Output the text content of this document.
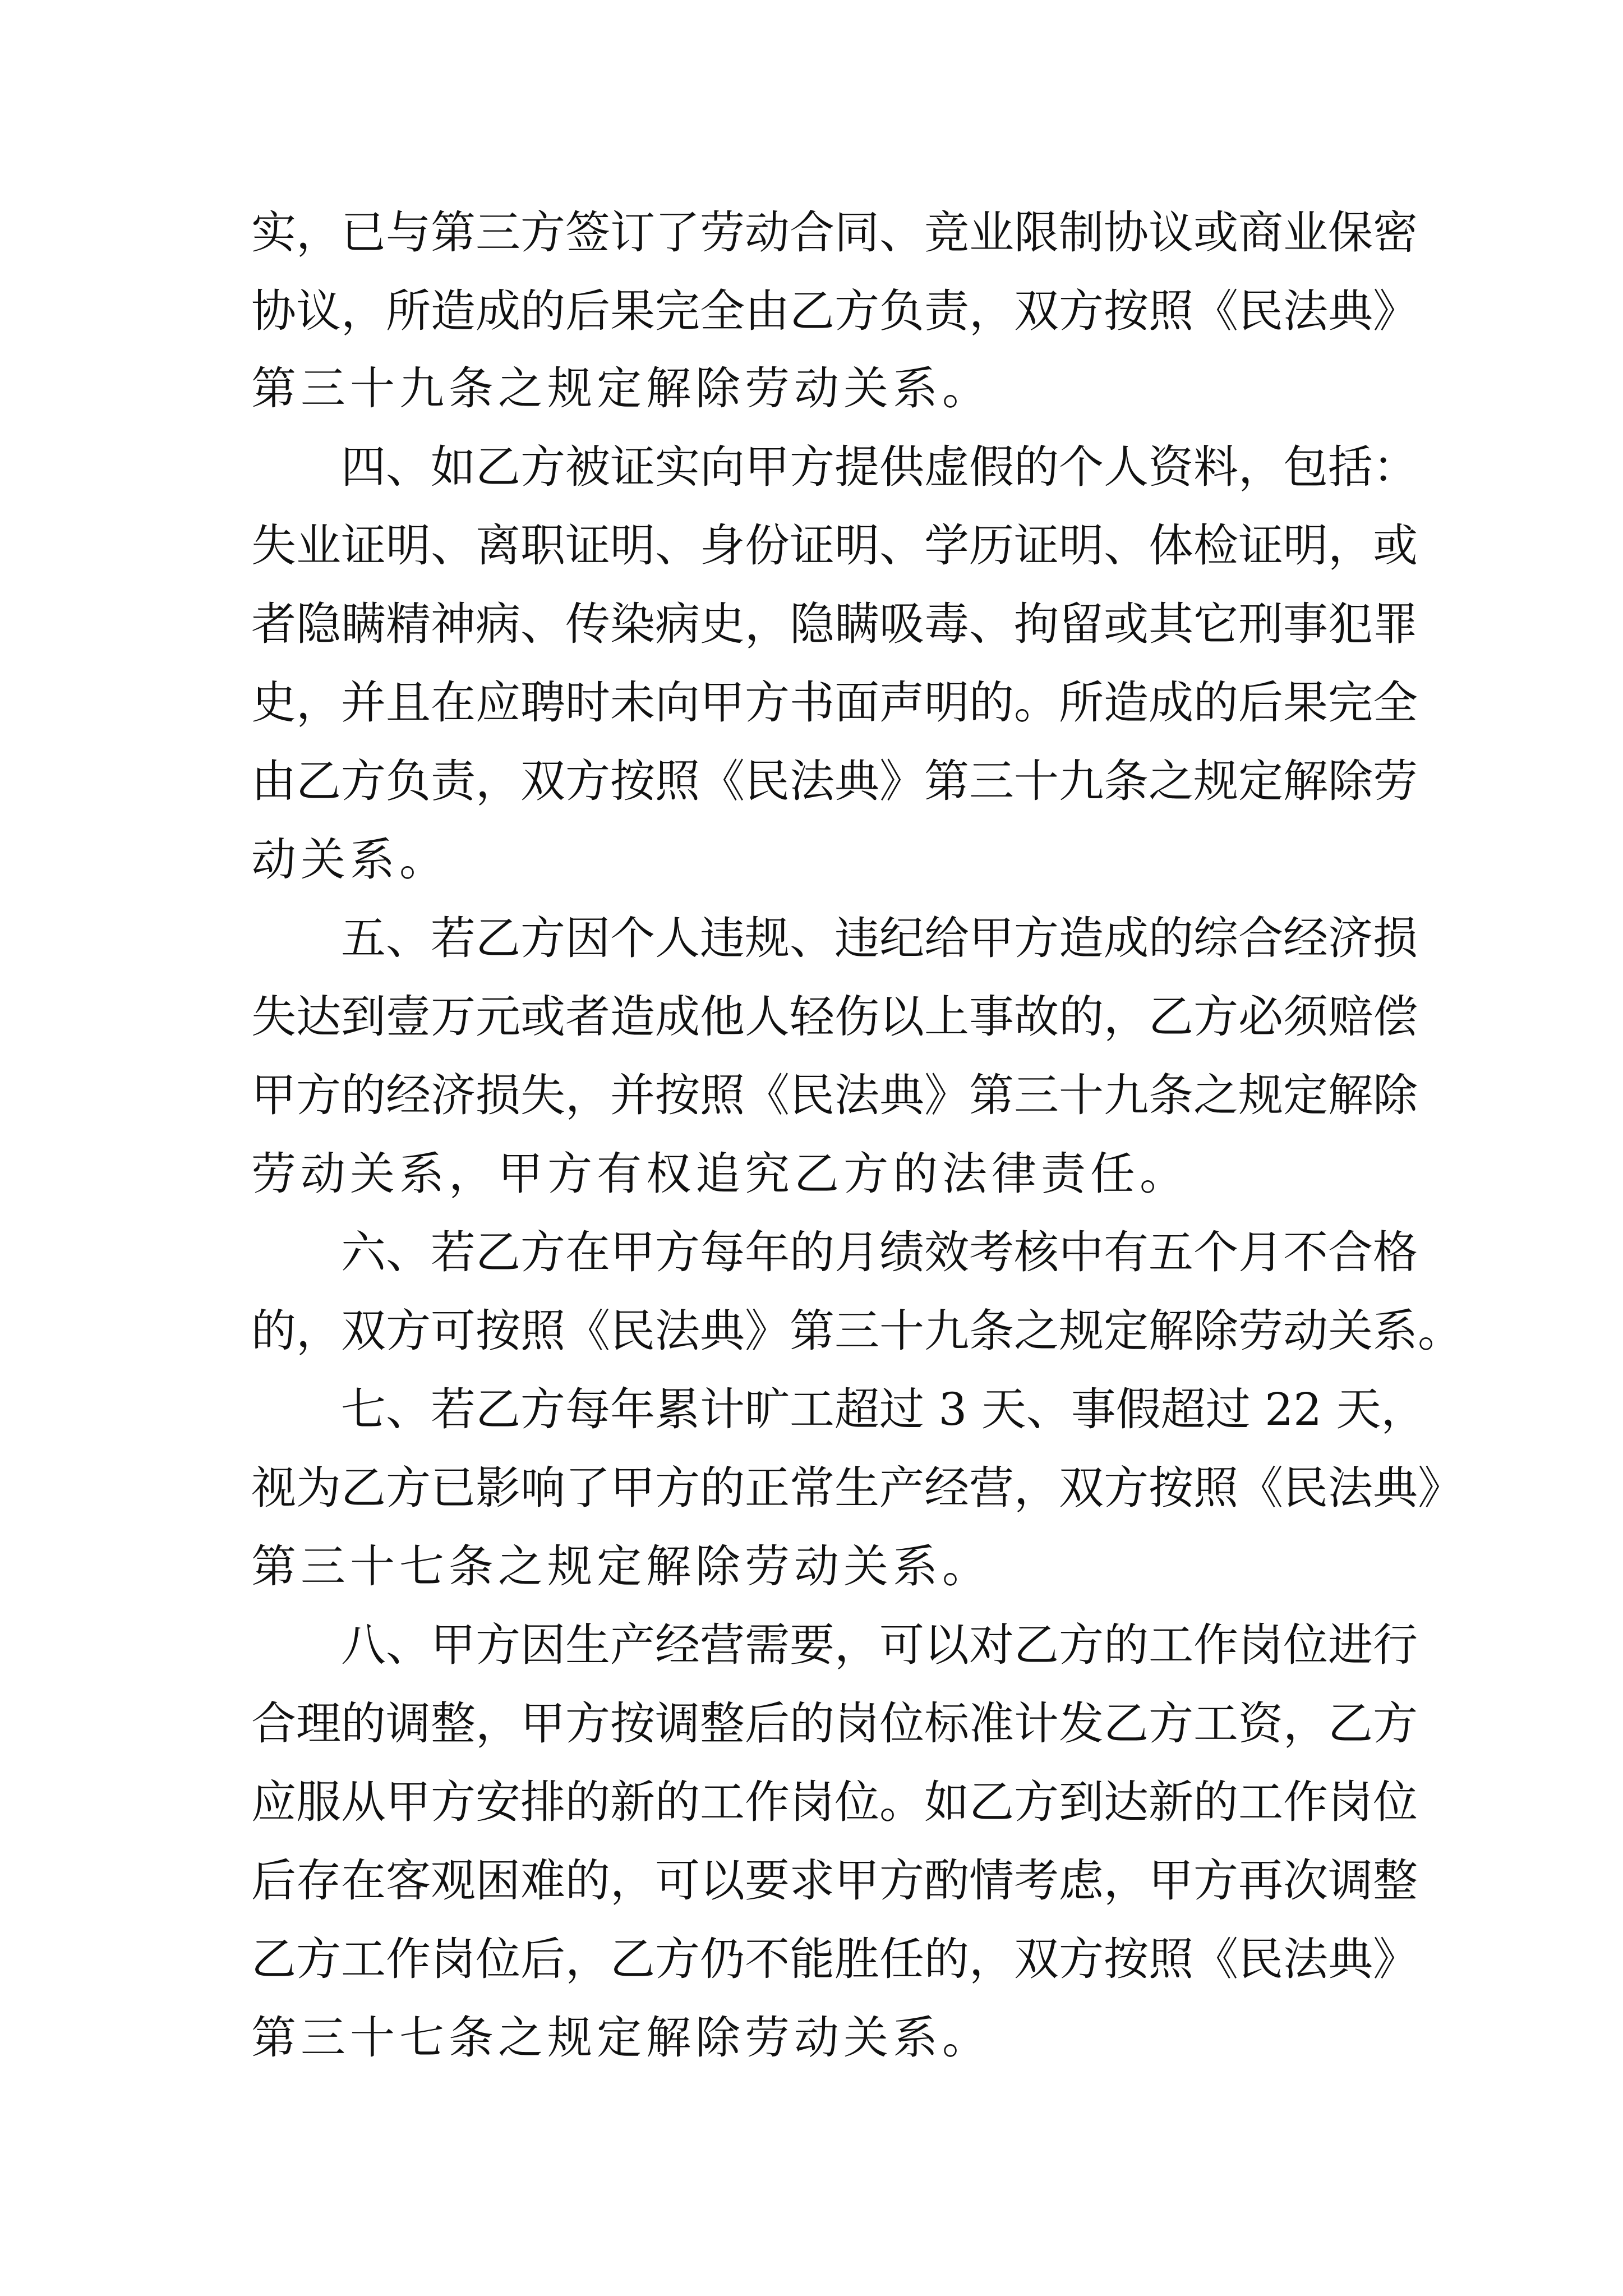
实，已与第三方签订了劳动合同、竞业限制协议或商业保密
协议，所造成的后果完全由乙方负责，双方按照《民法典》
第三十九条之规定解除劳动关系。
四、如乙方被证实向甲方提供虚假的个人资料，包括：
失业证明、离职证明、身份证明、学历证明、体检证明，或
者隐瞒精神病、传染病史，隐瞒吸毒、拘留或其它刑事犯罪
史，并且在应聘时未向甲方书面声明的。所造成的后果完全
由乙方负责，双方按照《民法典》第三十九条之规定解除劳
动关系。
五、若乙方因个人违规、违纪给甲方造成的综合经济损
失达到壹万元或者造成他人轻伤以上事故的，乙方必须赔偿
甲方的经济损失，并按照《民法典》第三十九条之规定解除
劳动关系，甲方有权追究乙方的法律责任。
六、若乙方在甲方每年的月绩效考核中有五个月不合格
的，双方可按照《民法典》第三十九条之规定解除劳动关系。
七、若乙方每年累计旷工超过 3 天、事假超过 22 天，
视为乙方已影响了甲方的正常生产经营，双方按照《民法典》
第三十七条之规定解除劳动关系。
八、甲方因生产经营需要，可以对乙方的工作岗位进行
合理的调整，甲方按调整后的岗位标准计发乙方工资，乙方
应服从甲方安排的新的工作岗位。如乙方到达新的工作岗位
后存在客观困难的，可以要求甲方酌情考虑，甲方再次调整
乙方工作岗位后，乙方仍不能胜任的，双方按照《民法典》
第三十七条之规定解除劳动关系。
